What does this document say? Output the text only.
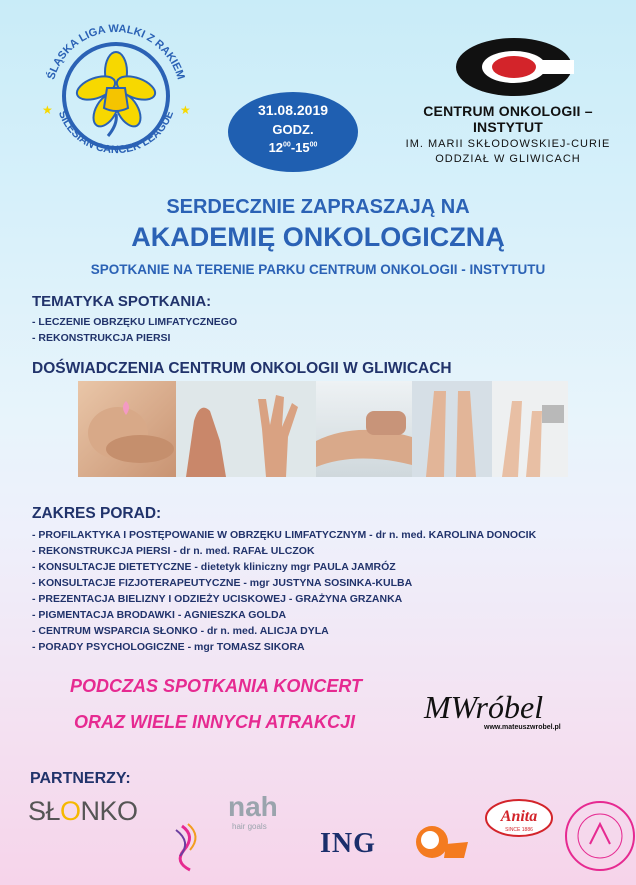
ŚLĄSKA LIGA WALKI Z RAKIEM
SILESIAN CANCER LEAGUE
★	★	31.08.2019
GODZ.
$12^{00}-15^{00}$
CENTRUM ONKOLOGII – INSTYTUT
IM. MARII SKŁODOWSKIEJ-CURIE
ODDZIAŁ W GLIWICACH
SERDECZNIE ZAPRASZAJĄ NA
AKADEMIĘ ONKOLOGICZNĄ
SPOTKANIE NA TERENIE PARKU CENTRUM ONKOLOGII - INSTYTUTU
TEMATYKA SPOTKANIA:
- LECZENIE OBRZĘKU LIMFATYCZNEGO
- REKONSTRUKCJA PIERSI
DOŚWIADCZENIA CENTRUM ONKOLOGII W GLIWICACH
ZAKRES PORAD:
- PROFILAKTYKA I POSTĘPOWANIE W OBRZĘKU LIMFATYCZNYM - dr n. med. KAROLINA DONOCIK
- REKONSTRUKCJA PIERSI - dr n. med. RAFAŁ ULCZOK
- KONSULTACJE DIETETYCZNE - dietetyk kliniczny mgr PAULA JAMRÓZ
- KONSULTACJE FIZJOTERAPEUTYCZNE - mgr JUSTYNA SOSINKA-KULBA
- PREZENTACJA BIELIZNY I ODZIEŻY UCISKOWEJ - GRAŻYNA GRZANKA
- PIGMENTACJA BRODAWKI - AGNIESZKA GOLDA
- CENTRUM WSPARCIA SŁONKO - dr n. med. ALICJA DYLA
- PORADY PSYCHOLOGICZNE - mgr TOMASZ SIKORA
PODCZAS SPOTKANIA KONCERT
ORAZ WIELE INNYCH ATRAKCJI MWróbel
www.mateuszwrobel.pl
PARTNERZY:
SŁONKO	nah
hair goals
ING
Anita
SINCE 1886
